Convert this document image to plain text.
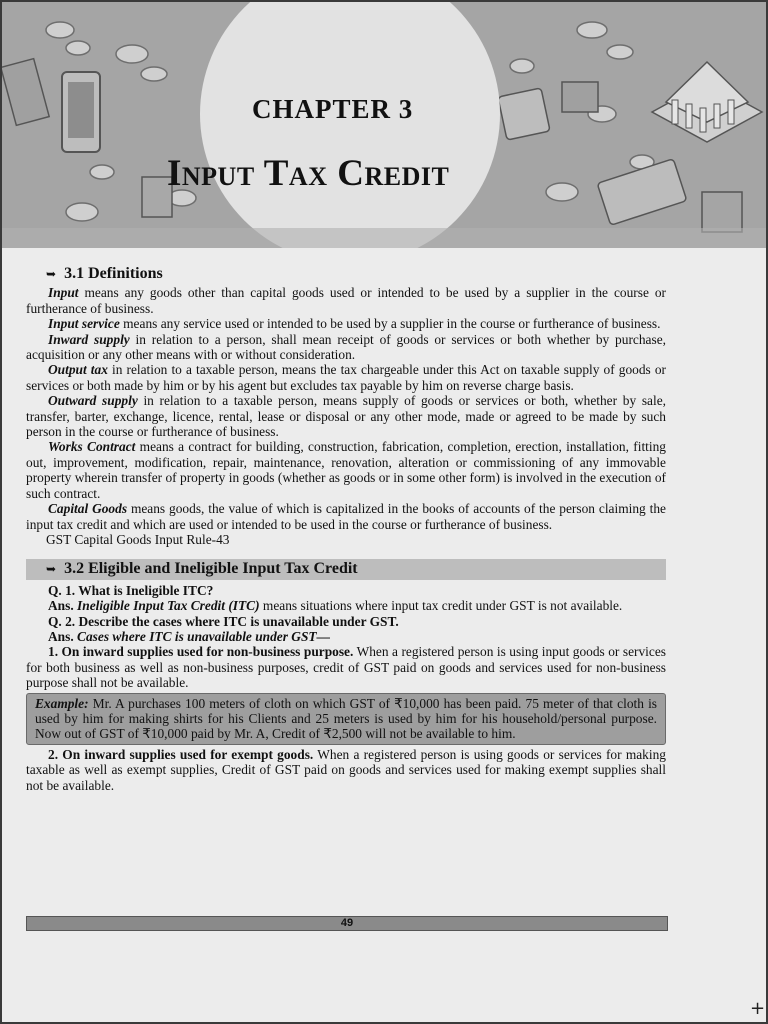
CHAPTER 3
Input Tax Credit

➥ 3.1 Definitions

Input means any goods other than capital goods used or intended to be used by a supplier in the course or furtherance of business.

Input service means any service used or intended to be used by a supplier in the course or furtherance of business.

Inward supply in relation to a person, shall mean receipt of goods or services or both whether by purchase, acquisition or any other means with or without consideration.

Output tax in relation to a taxable person, means the tax chargeable under this Act on taxable supply of goods or services or both made by him or by his agent but excludes tax payable by him on reverse charge basis.

Outward supply in relation to a taxable person, means supply of goods or services or both, whether by sale, transfer, barter, exchange, licence, rental, lease or disposal or any other mode, made or agreed to be made by such person in the course or furtherance of business.

Works Contract means a contract for building, construction, fabrication, completion, erection, installation, fitting out, improvement, modification, repair, maintenance, renovation, alteration or commissioning of any immovable property wherein transfer of property in goods (whether as goods or in some other form) is involved in the execution of such contract.

Capital Goods means goods, the value of which is capitalized in the books of accounts of the person claiming the input tax credit and which are used or intended to be used in the course or furtherance of business.

GST Capital Goods Input Rule-43

➥ 3.2 Eligible and Ineligible Input Tax Credit

Q. 1. What is Ineligible ITC?

Ans. Ineligible Input Tax Credit (ITC) means situations where input tax credit under GST is not available.

Q. 2. Describe the cases where ITC is unavailable under GST.

Ans. Cases where ITC is unavailable under GST—

1. On inward supplies used for non-business purpose. When a registered person is using input goods or services for both business as well as non-business purposes, credit of GST paid on goods and services used for non-business purpose shall not be available.

Example: Mr. A purchases 100 meters of cloth on which GST of ₹10,000 has been paid. 75 meter of that cloth is used by him for making shirts for his Clients and 25 meters is used by him for his household/personal purpose. Now out of GST of ₹10,000 paid by Mr. A, Credit of ₹2,500 will not be available to him.

2. On inward supplies used for exempt goods. When a registered person is using goods or services for making taxable as well as exempt supplies, Credit of GST paid on goods and services used for making exempt supplies shall not be available.

49
+
